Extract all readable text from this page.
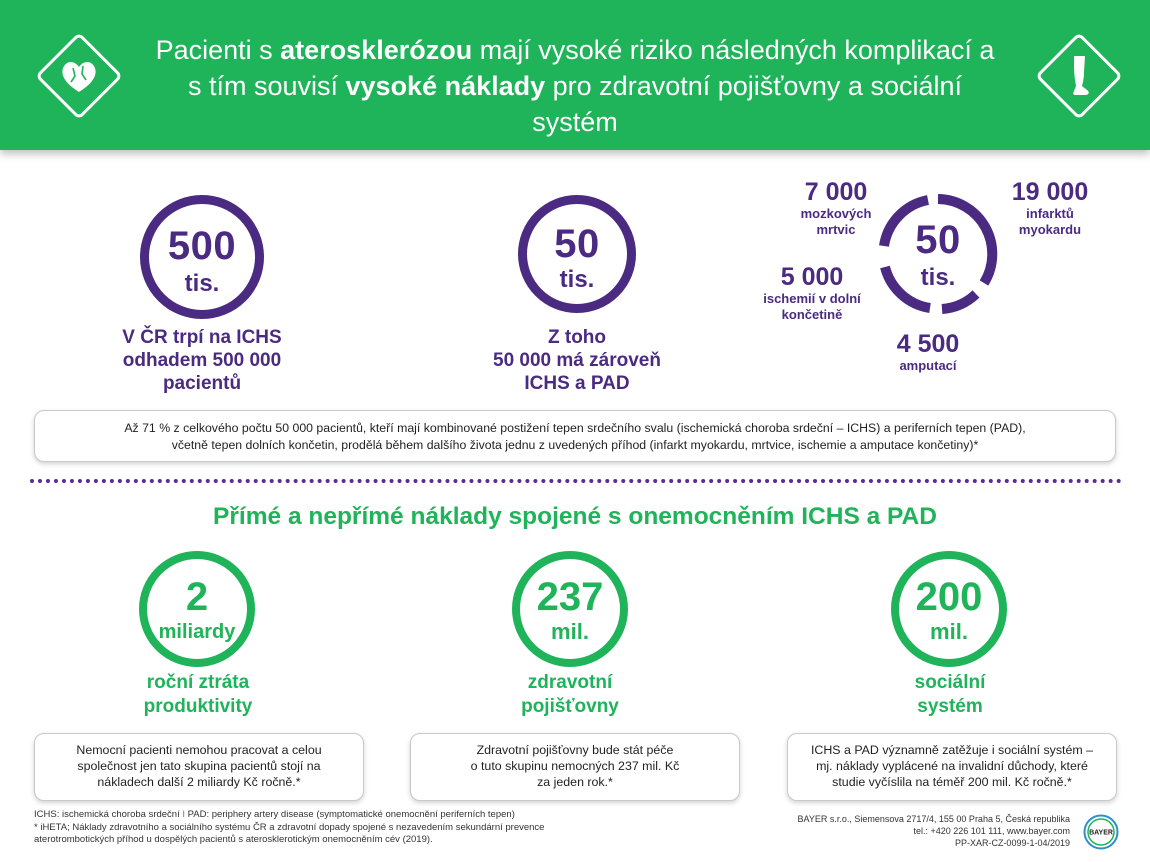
Pacienti s aterosklerózou mají vysoké riziko následných komplikací a s tím souvisí vysoké náklady pro zdravotní pojišťovny a sociální systém
500
tis.
V ČR trpí na ICHS
odhadem 500 000
pacientů
50
tis.
Z toho
50 000 má zároveň
ICHS a PAD
50
tis.
7 000
mozkových
mrtvic
19 000
infarktů
myokardu
5 000
ischemií v dolní
končetině
4 500
amputací
Až 71 % z celkového počtu 50 000 pacientů, kteří mají kombinované postižení tepen srdečního svalu (ischemická choroba srdeční – ICHS) a periferních tepen (PAD),
včetně tepen dolních končetin, prodělá během dalšího života jednu z uvedených příhod (infarkt myokardu, mrtvice, ischemie a amputace končetiny)*
Přímé a nepřímé náklady spojené s onemocněním ICHS a PAD
2
miliardy
roční ztráta
produktivity
Nemocní pacienti nemohou pracovat a celou
společnost jen tato skupina pacientů stojí na
nákladech další 2 miliardy Kč ročně.*
237
mil.
zdravotní
pojišťovny
Zdravotní pojišťovny bude stát péče
o tuto skupinu nemocných 237 mil. Kč
za jeden rok.*
200
mil.
sociální
systém
ICHS a PAD významně zatěžuje i sociální systém –
mj. náklady vyplácené na invalidní důchody, které
studie vyčíslila na téměř 200 mil. Kč ročně.*
ICHS: ischemická choroba srdeční I PAD: periphery artery disease (symptomatické onemocnění periferních tepen)
* iHETA; Náklady zdravotního a sociálního systému ČR a zdravotní dopady spojené s nezavedením sekundární prevence
aterotrombotických příhod u dospělých pacientů s aterosklerotickým onemocněním cév (2019).
BAYER s.r.o., Siemensova 2717/4, 155 00 Praha 5, Česká republika
tel.: +420 226 101 111, www.bayer.com
PP-XAR-CZ-0099-1-04/2019
BAYER
